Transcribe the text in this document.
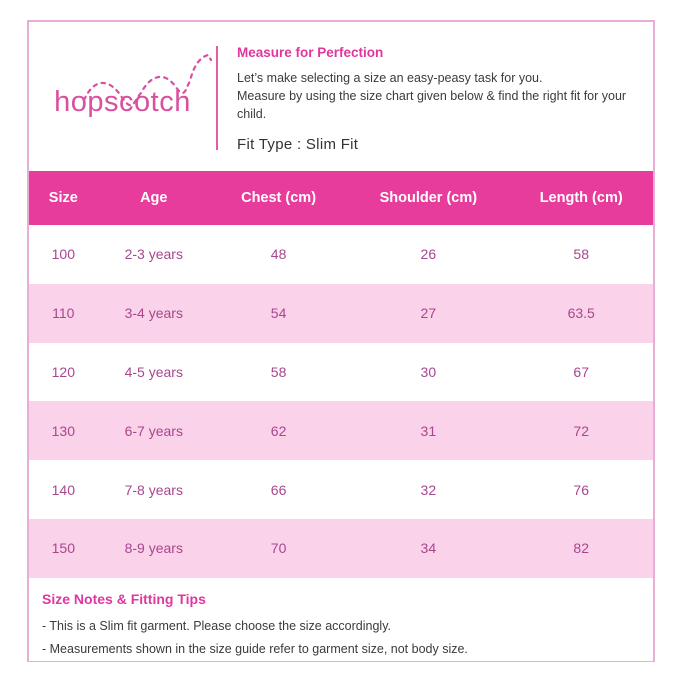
hopscotch
Measure for Perfection
Let’s make selecting a size an easy-peasy task for you.
Measure by using the size chart given below & find the right fit for your child.
Fit Type : Slim Fit
Size	Age	Chest (cm)	Shoulder (cm)	Length (cm)
100	2-3 years	48	26	58
110	3-4 years	54	27	63.5
120	4-5 years	58	30	67
130	6-7 years	62	31	72
140	7-8 years	66	32	76
150	8-9 years	70	34	82
Size Notes & Fitting Tips
- This is a Slim fit garment. Please choose the size accordingly.
- Measurements shown in the size guide refer to garment size, not body size.
